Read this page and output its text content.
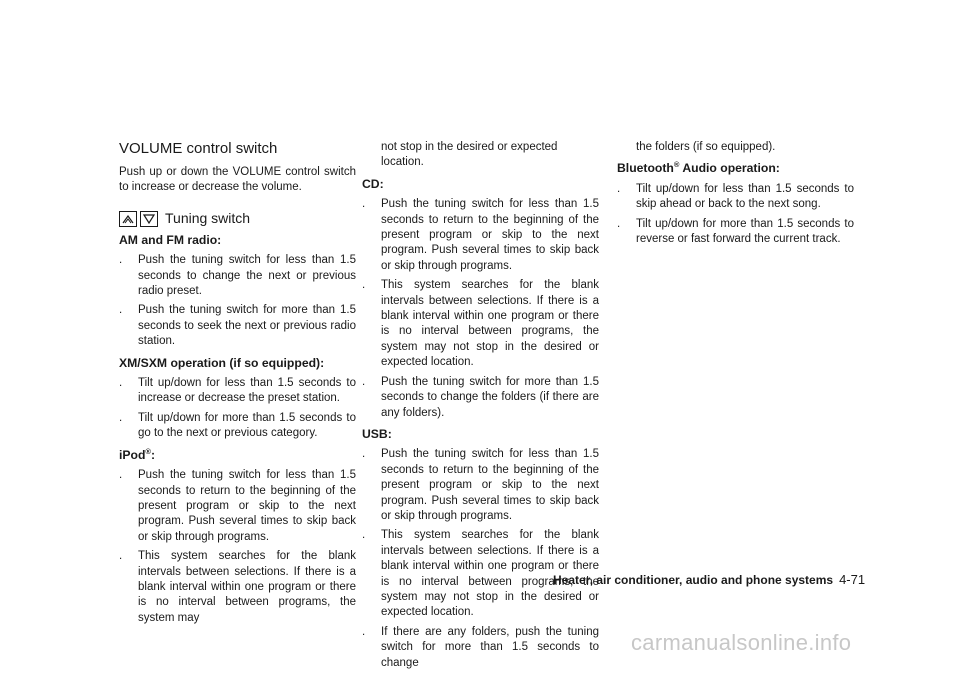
VOLUME control switch

Push up or down the VOLUME control switch to increase or decrease the volume.

Tuning switch
AM and FM radio:
.	Push the tuning switch for less than 1.5 seconds to change the next or previous radio preset.
.	Push the tuning switch for more than 1.5 seconds to seek the next or previous radio station.
XM/SXM operation (if so equipped):
.	Tilt up/down for less than 1.5 seconds to increase or decrease the preset station.
.	Tilt up/down for more than 1.5 seconds to go to the next or previous category.
iPod®:
.	Push the tuning switch for less than 1.5 seconds to return to the beginning of the present program or skip to the next program. Push several times to skip back or skip through programs.
.	This system searches for the blank intervals between selections. If there is a blank interval within one program or there is no interval between programs, the system may
not stop in the desired or expected location.
CD:
.	Push the tuning switch for less than 1.5 seconds to return to the beginning of the present program or skip to the next program. Push several times to skip back or skip through programs.
.	This system searches for the blank intervals between selections. If there is a blank interval within one program or there is no interval between programs, the system may not stop in the desired or expected location.
.	Push the tuning switch for more than 1.5 seconds to change the folders (if there are any folders).
USB:
.	Push the tuning switch for less than 1.5 seconds to return to the beginning of the present program or skip to the next program. Push several times to skip back or skip through programs.
.	This system searches for the blank intervals between selections. If there is a blank interval within one program or there is no interval between programs, the system may not stop in the desired or expected location.
.	If there are any folders, push the tuning switch for more than 1.5 seconds to change
the folders (if so equipped).
Bluetooth® Audio operation:
.	Tilt up/down for less than 1.5 seconds to skip ahead or back to the next song.
.	Tilt up/down for more than 1.5 seconds to reverse or fast forward the current track.
Heater, air conditioner, audio and phone systems 4-71
carmanualsonline.info
